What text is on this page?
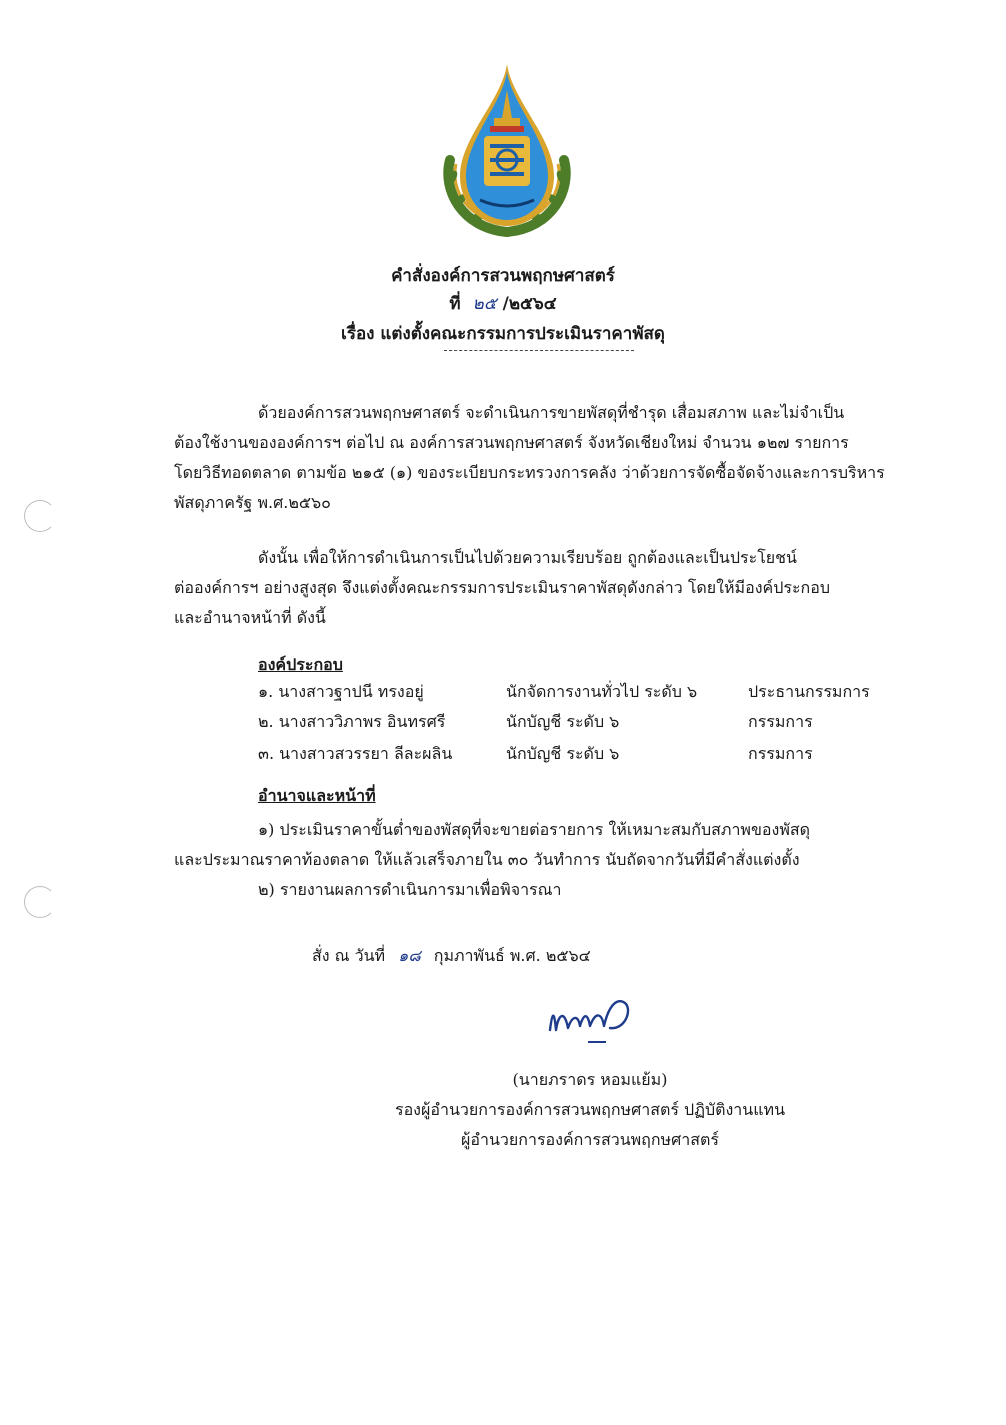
คำสั่งองค์การสวนพฤกษศาสตร์
ที่ ๒๕ /๒๕๖๔
เรื่อง แต่งตั้งคณะกรรมการประเมินราคาพัสดุ
ด้วยองค์การสวนพฤกษศาสตร์ จะดำเนินการขายพัสดุที่ชำรุด เสื่อมสภาพ และไม่จำเป็น
ต้องใช้งานขององค์การฯ ต่อไป ณ องค์การสวนพฤกษศาสตร์ จังหวัดเชียงใหม่ จำนวน ๑๒๗ รายการ
โดยวิธีทอดตลาด ตามข้อ ๒๑๕ (๑) ของระเบียบกระทรวงการคลัง ว่าด้วยการจัดซื้อจัดจ้างและการบริหาร
พัสดุภาครัฐ พ.ศ.๒๕๖๐
ดังนั้น เพื่อให้การดำเนินการเป็นไปด้วยความเรียบร้อย ถูกต้องและเป็นประโยชน์
ต่อองค์การฯ อย่างสูงสุด จึงแต่งตั้งคณะกรรมการประเมินราคาพัสดุดังกล่าว โดยให้มีองค์ประกอบ
และอำนาจหน้าที่ ดังนี้
องค์ประกอบ
๑. นางสาวฐาปนี ทรงอยู่	นักจัดการงานทั่วไป ระดับ ๖	ประธานกรรมการ
๒. นางสาววิภาพร อินทรศรี	นักบัญชี ระดับ ๖	กรรมการ
๓. นางสาวสวรรยา ลีละผลิน	นักบัญชี ระดับ ๖	กรรมการ
อำนาจและหน้าที่
๑) ประเมินราคาขั้นต่ำของพัสดุที่จะขายต่อรายการ ให้เหมาะสมกับสภาพของพัสดุ
และประมาณราคาท้องตลาด ให้แล้วเสร็จภายใน ๓๐ วันทำการ นับถัดจากวันที่มีคำสั่งแต่งตั้ง
๒) รายงานผลการดำเนินการมาเพื่อพิจารณา
สั่ง ณ วันที่ ๑๘ กุมภาพันธ์ พ.ศ. ๒๕๖๔
(นายภราดร หอมแย้ม)
รองผู้อำนวยการองค์การสวนพฤกษศาสตร์ ปฏิบัติงานแทน
ผู้อำนวยการองค์การสวนพฤกษศาสตร์
